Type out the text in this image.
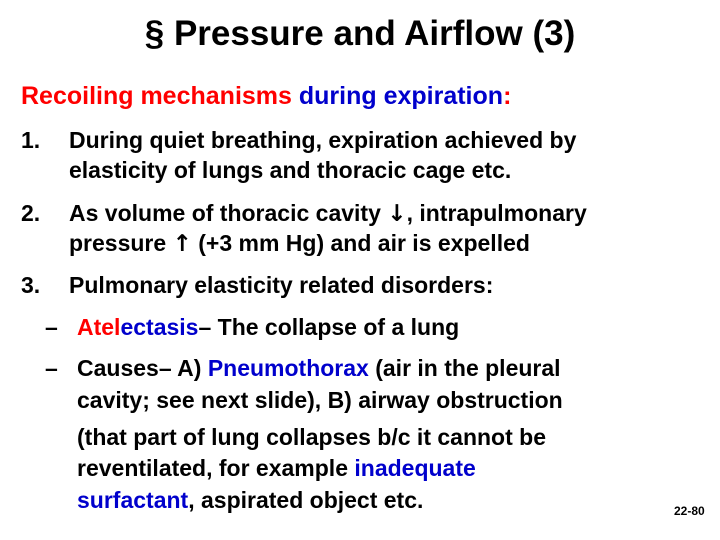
§ Pressure and Airflow (3)
Recoiling mechanisms during expiration:
1. During quiet breathing, expiration achieved by
elasticity of lungs and thoracic cage etc.
2. As volume of thoracic cavity ↓, intrapulmonary
pressure ↑ (+3 mm Hg) and air is expelled
3. Pulmonary elasticity related disorders:
– Atelectasis– The collapse of a lung
– Causes– A) Pneumothorax (air in the pleural
cavity; see next slide), B) airway obstruction
(that part of lung collapses b/c it cannot be
reventilated, for example inadequate
surfactant, aspirated object etc.	22-80
